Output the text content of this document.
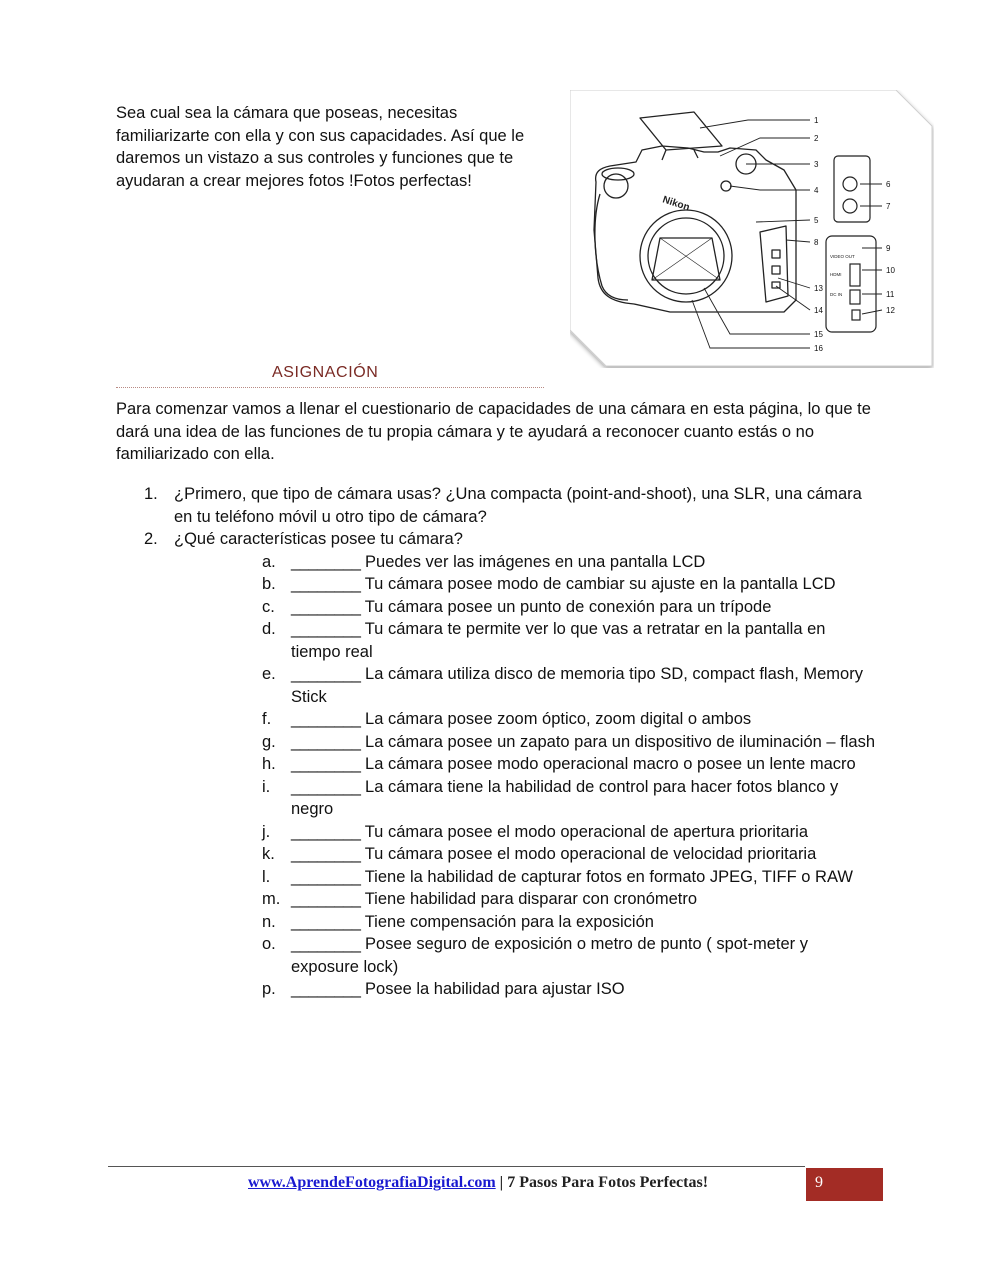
Sea cual sea la cámara que poseas, necesitas familiarizarte con ella y con sus capacidades. Así que le daremos un vistazo a sus controles y funciones que te ayudaran a crear mejores fotos !Fotos perfectas!
Nikon
VIDEO OUT
HDMI
DC IN
1
2
3
4
5
6
7
8
9
10
11
12
13
14
15
16
ASIGNACIÓN
Para comenzar vamos a llenar el cuestionario de capacidades de una cámara en esta página, lo que te dará una idea de las funciones de tu propia cámara y te ayudará a reconocer cuanto estás o no familiarizado con ella.
1. ¿Primero, que tipo de cámara usas? ¿Una compacta (point-and-shoot), una SLR, una cámara en tu teléfono móvil u otro tipo de cámara?
2. ¿Qué características posee tu cámara?
a. ________ Puedes ver las imágenes en una pantalla LCD
b. ________ Tu cámara posee modo de cambiar su ajuste en la pantalla LCD
c. ________ Tu cámara posee un punto de conexión para un trípode
d. ________ Tu cámara te permite ver lo que vas a retratar en la pantalla en tiempo real
e. ________ La cámara utiliza disco de memoria tipo SD, compact flash, Memory Stick
f. ________ La cámara posee zoom óptico, zoom digital o ambos
g. ________ La cámara posee un zapato para un dispositivo de iluminación – flash
h. ________ La cámara posee modo operacional macro o posee un lente macro
i. ________ La cámara tiene la habilidad de control para hacer fotos blanco y negro
j. ________ Tu cámara posee el modo operacional de apertura prioritaria
k. ________ Tu cámara posee el modo operacional de velocidad prioritaria
l. ________ Tiene la habilidad de capturar fotos en formato JPEG, TIFF o RAW
m. ________ Tiene habilidad para disparar con cronómetro
n. ________ Tiene compensación para la exposición
o. ________ Posee seguro de exposición o metro de punto ( spot-meter y exposure lock)
p. ________ Posee la habilidad para ajustar ISO
www.AprendeFotografiaDigital.com | 7 Pasos Para Fotos Perfectas!	9
